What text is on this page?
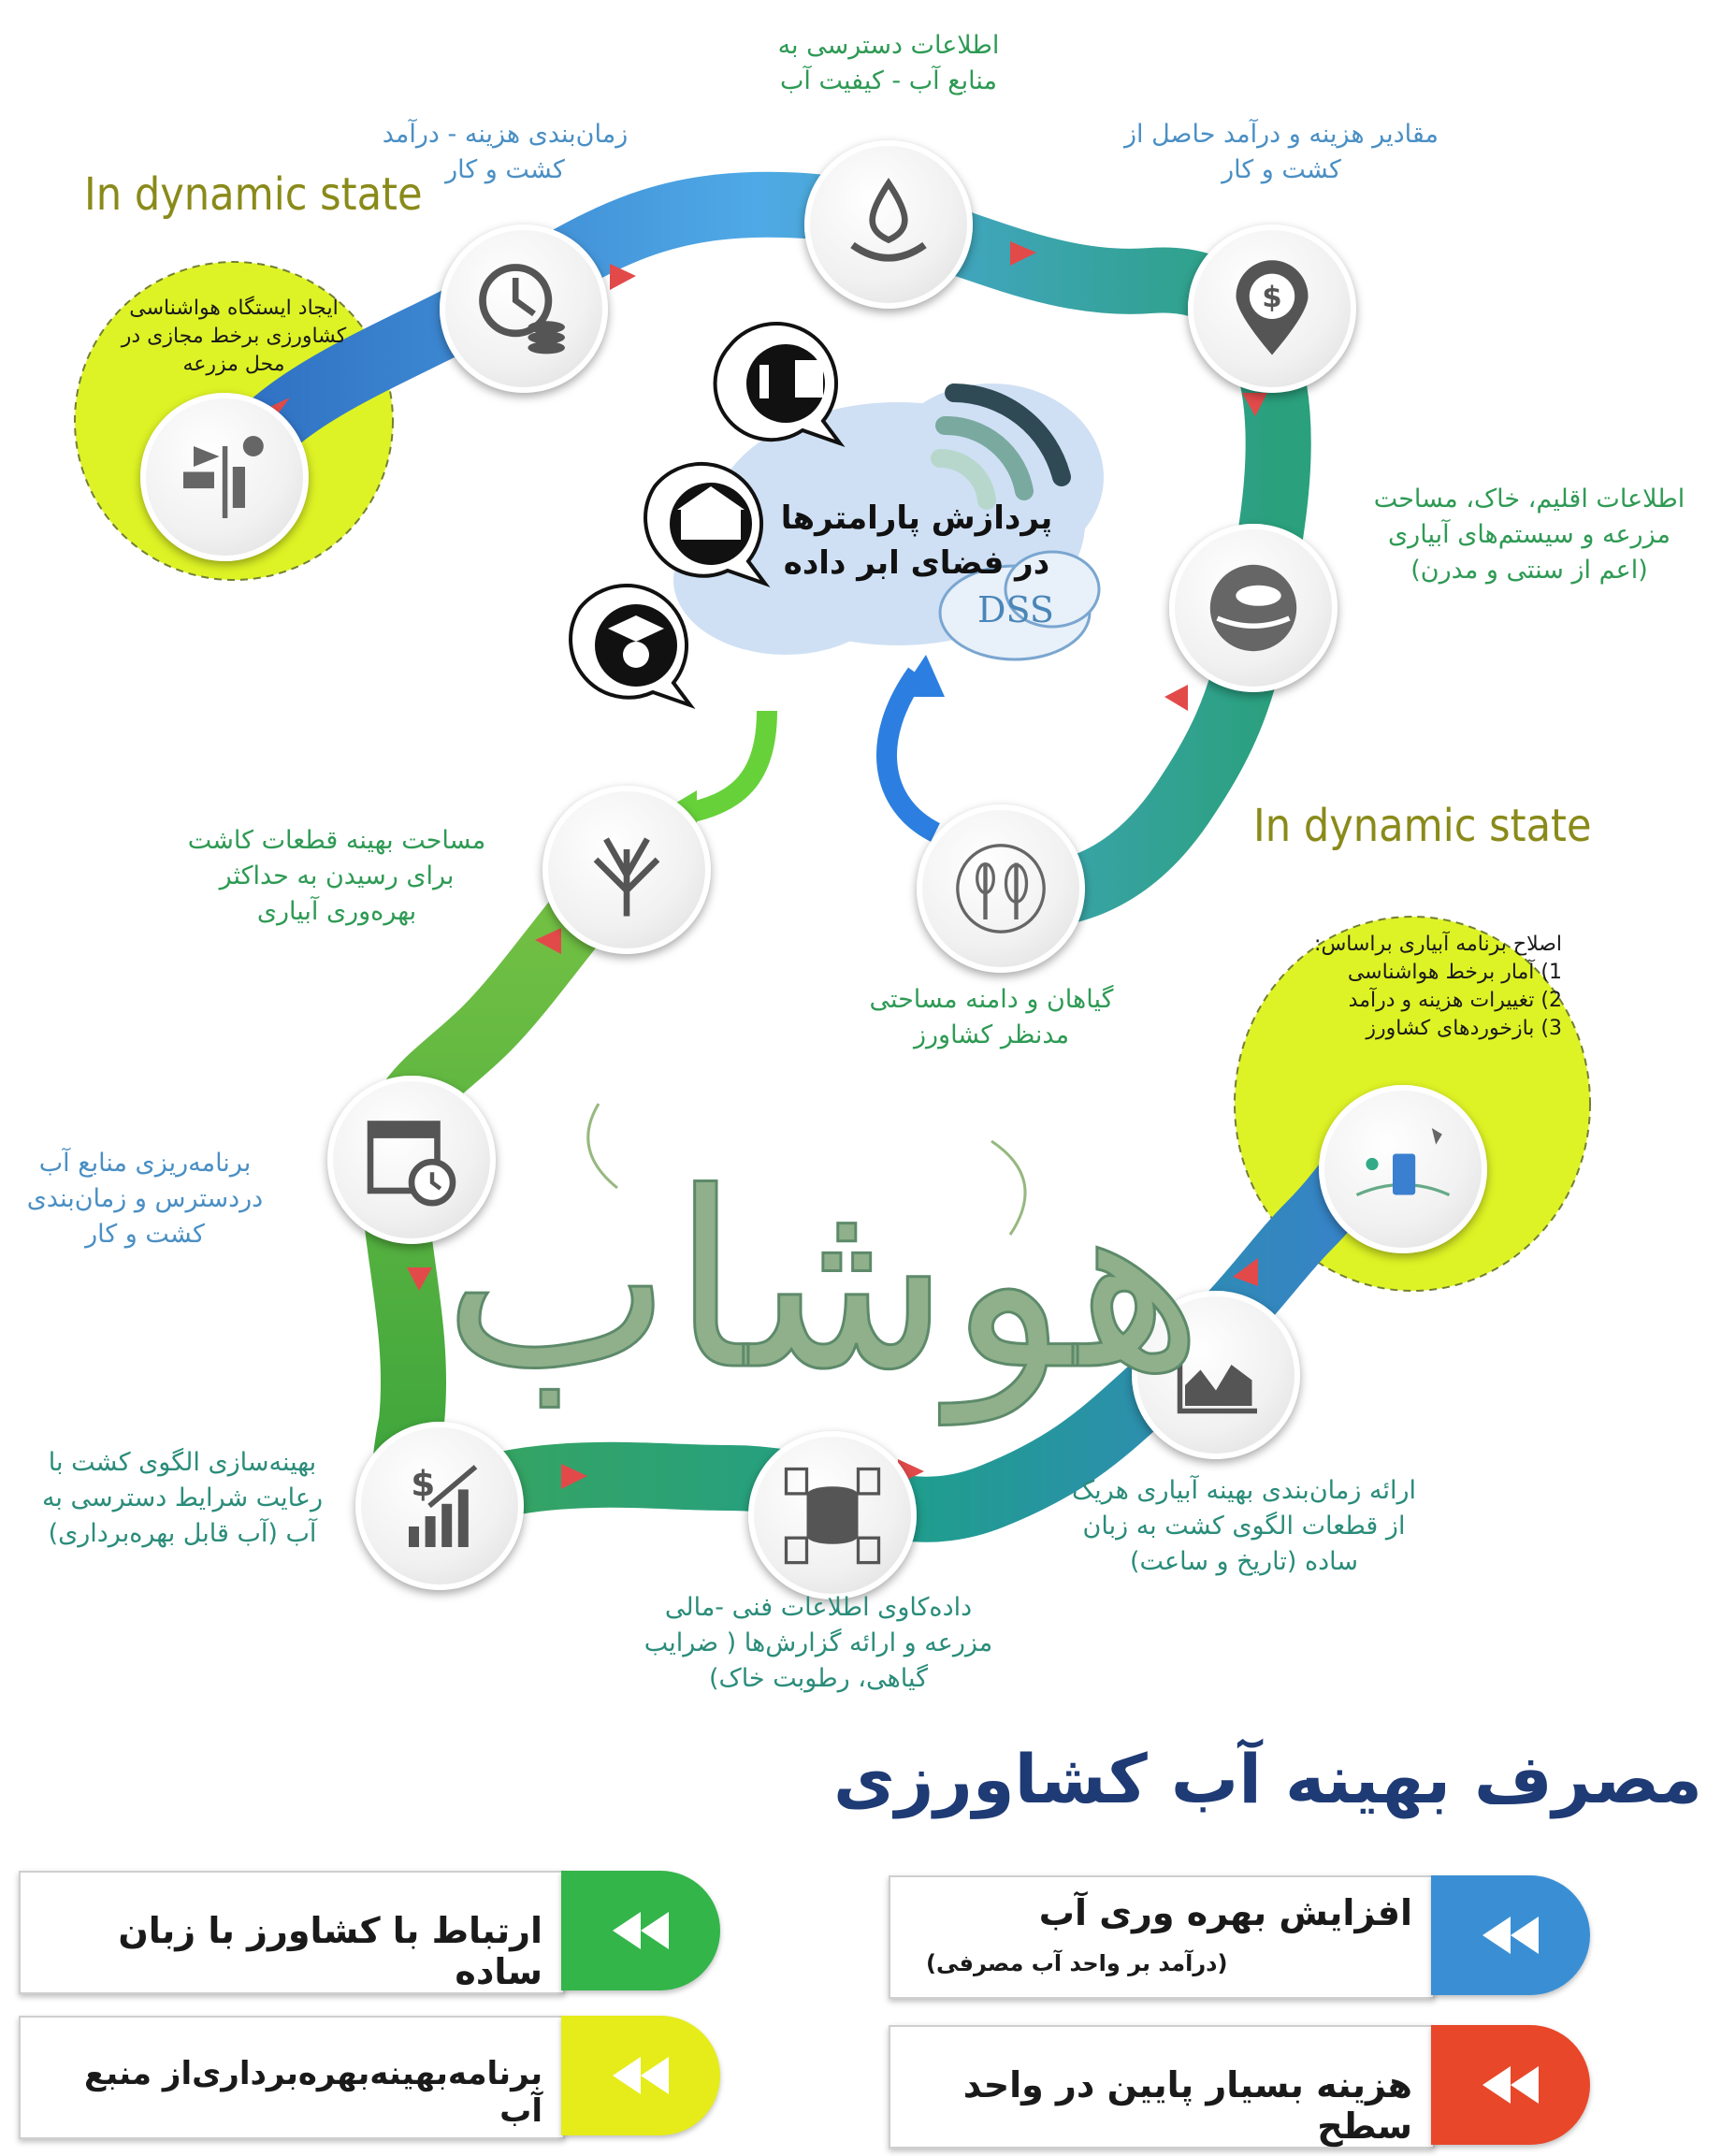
In dynamic state
In dynamic state
پردازش پارامترها
در فضای ابر داده
DSS
$
$
ایجاد ایستگاه هواشناسی
کشاورزی برخط مجازی در
محل مزرعه
زمان‌بندی هزینه - درآمد
کشت و کار
اطلاعات دسترسی به
منابع آب - کیفیت آب
مقادیر هزینه و درآمد حاصل از
کشت و کار
اطلاعات اقلیم، خاک، مساحت
مزرعه و سیستم‌های آبیاری
(اعم از سنتی و مدرن)
گیاهان و دامنه مساحتی
مدنظر کشاورز
مساحت بهینه قطعات کاشت
برای رسیدن به حداکثر
بهره‌وری آبیاری
برنامه‌ریزی منابع آب
دردسترس و زمان‌بندی
کشت و کار
بهینه‌سازی الگوی کشت با
رعایت شرایط دسترسی به
آب (آب قابل بهره‌برداری)
داده‌کاوی اطلاعات فنی -مالی
مزرعه و ارائه گزارش‌ها ( ضرایب
گیاهی، رطوبت خاک)
ارائه زمان‌بندی بهینه آبیاری هریک
از قطعات الگوی کشت به زبان
ساده (تاریخ و ساعت)
اصلاح برنامه آبیاری براساس:
1) آمار برخط هواشناسی
2) تغییرات هزینه و درآمد
3) بازخوردهای کشاورز
هوشاب
مصرف بهینه آب کشاورزی
افزایش بهره وری آب
(درآمد بر واحد آب مصرفی)
هزینه بسیار پایین در واحد سطح
ارتباط با کشاورز با زبان ساده
برنامه‌بهینه‌بهره‌برداری‌از منبع آب
